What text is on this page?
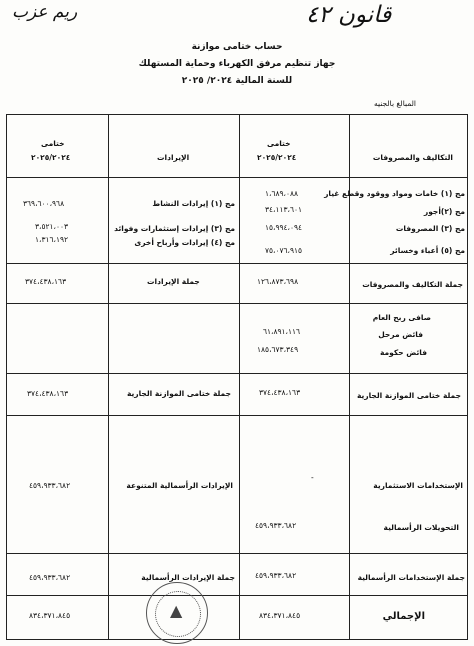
ريم عزب	قانون ٤٢
حساب ختامى موازنة
جهاز تنظيم مرفق الكهرباء وحماية المستهلك
للسنة المالية ٢٠٢٤/ ٢٠٢٥
المبالغ بالجنيه
التكاليف والمصروفات
ختامى
٢٠٢٥/٢٠٢٤
الإيرادات
ختامى
٢٠٢٥/٢٠٢٤
مج (١) خامات ومواد ووقود وقطع غيار
١،٦٨٩،٠٨٨
مج (٢)أجور
٣٤،١١٣،٦٠١
مج (٣) المصروفات
١٥،٩٩٤،٠٩٤
مج (٥) أعباء وخسائر
٧٥،٠٧٦،٩١٥
مج (١) إيرادات النشاط
٣٦٩،٦٠٠،٩٦٨
مج (٣) إيرادات إستثمارات وفوائد
٣،٥٢١،٠٠٣
مج (٤) إيرادات وأرباح أخرى
١،٣١٦،١٩٢
جملة التكاليف والمصروفات
١٢٦،٨٧٣،٦٩٨
جملة الإيرادات
٣٧٤،٤٣٨،١٦٣
صافى ربح العام
فائض مرحل
٦١،٨٩١،١١٦
فائض حكومة
١٨٥،٦٧٣،٣٤٩
جملة ختامى الموازنة الجارية
٣٧٤،٤٣٨،١٦٣
جملة ختامى الموازنة الجارية
٣٧٤،٤٣٨،١٦٣
الإستخدامات الاستثمارية
-
الإيرادات الرأسمالية المتنوعة
٤٥٩،٩٣٣،٦٨٢
التحويلات الرأسمالية
٤٥٩،٩٣٣،٦٨٢
جملة الإستخدامات الرأسمالية
٤٥٩،٩٣٣،٦٨٢
جملة الإيرادات الرأسمالية
٤٥٩،٩٣٣،٦٨٢
الإجمالي
٨٣٤،٣٧١،٨٤٥
٨٣٤،٣٧١،٨٤٥	▲
